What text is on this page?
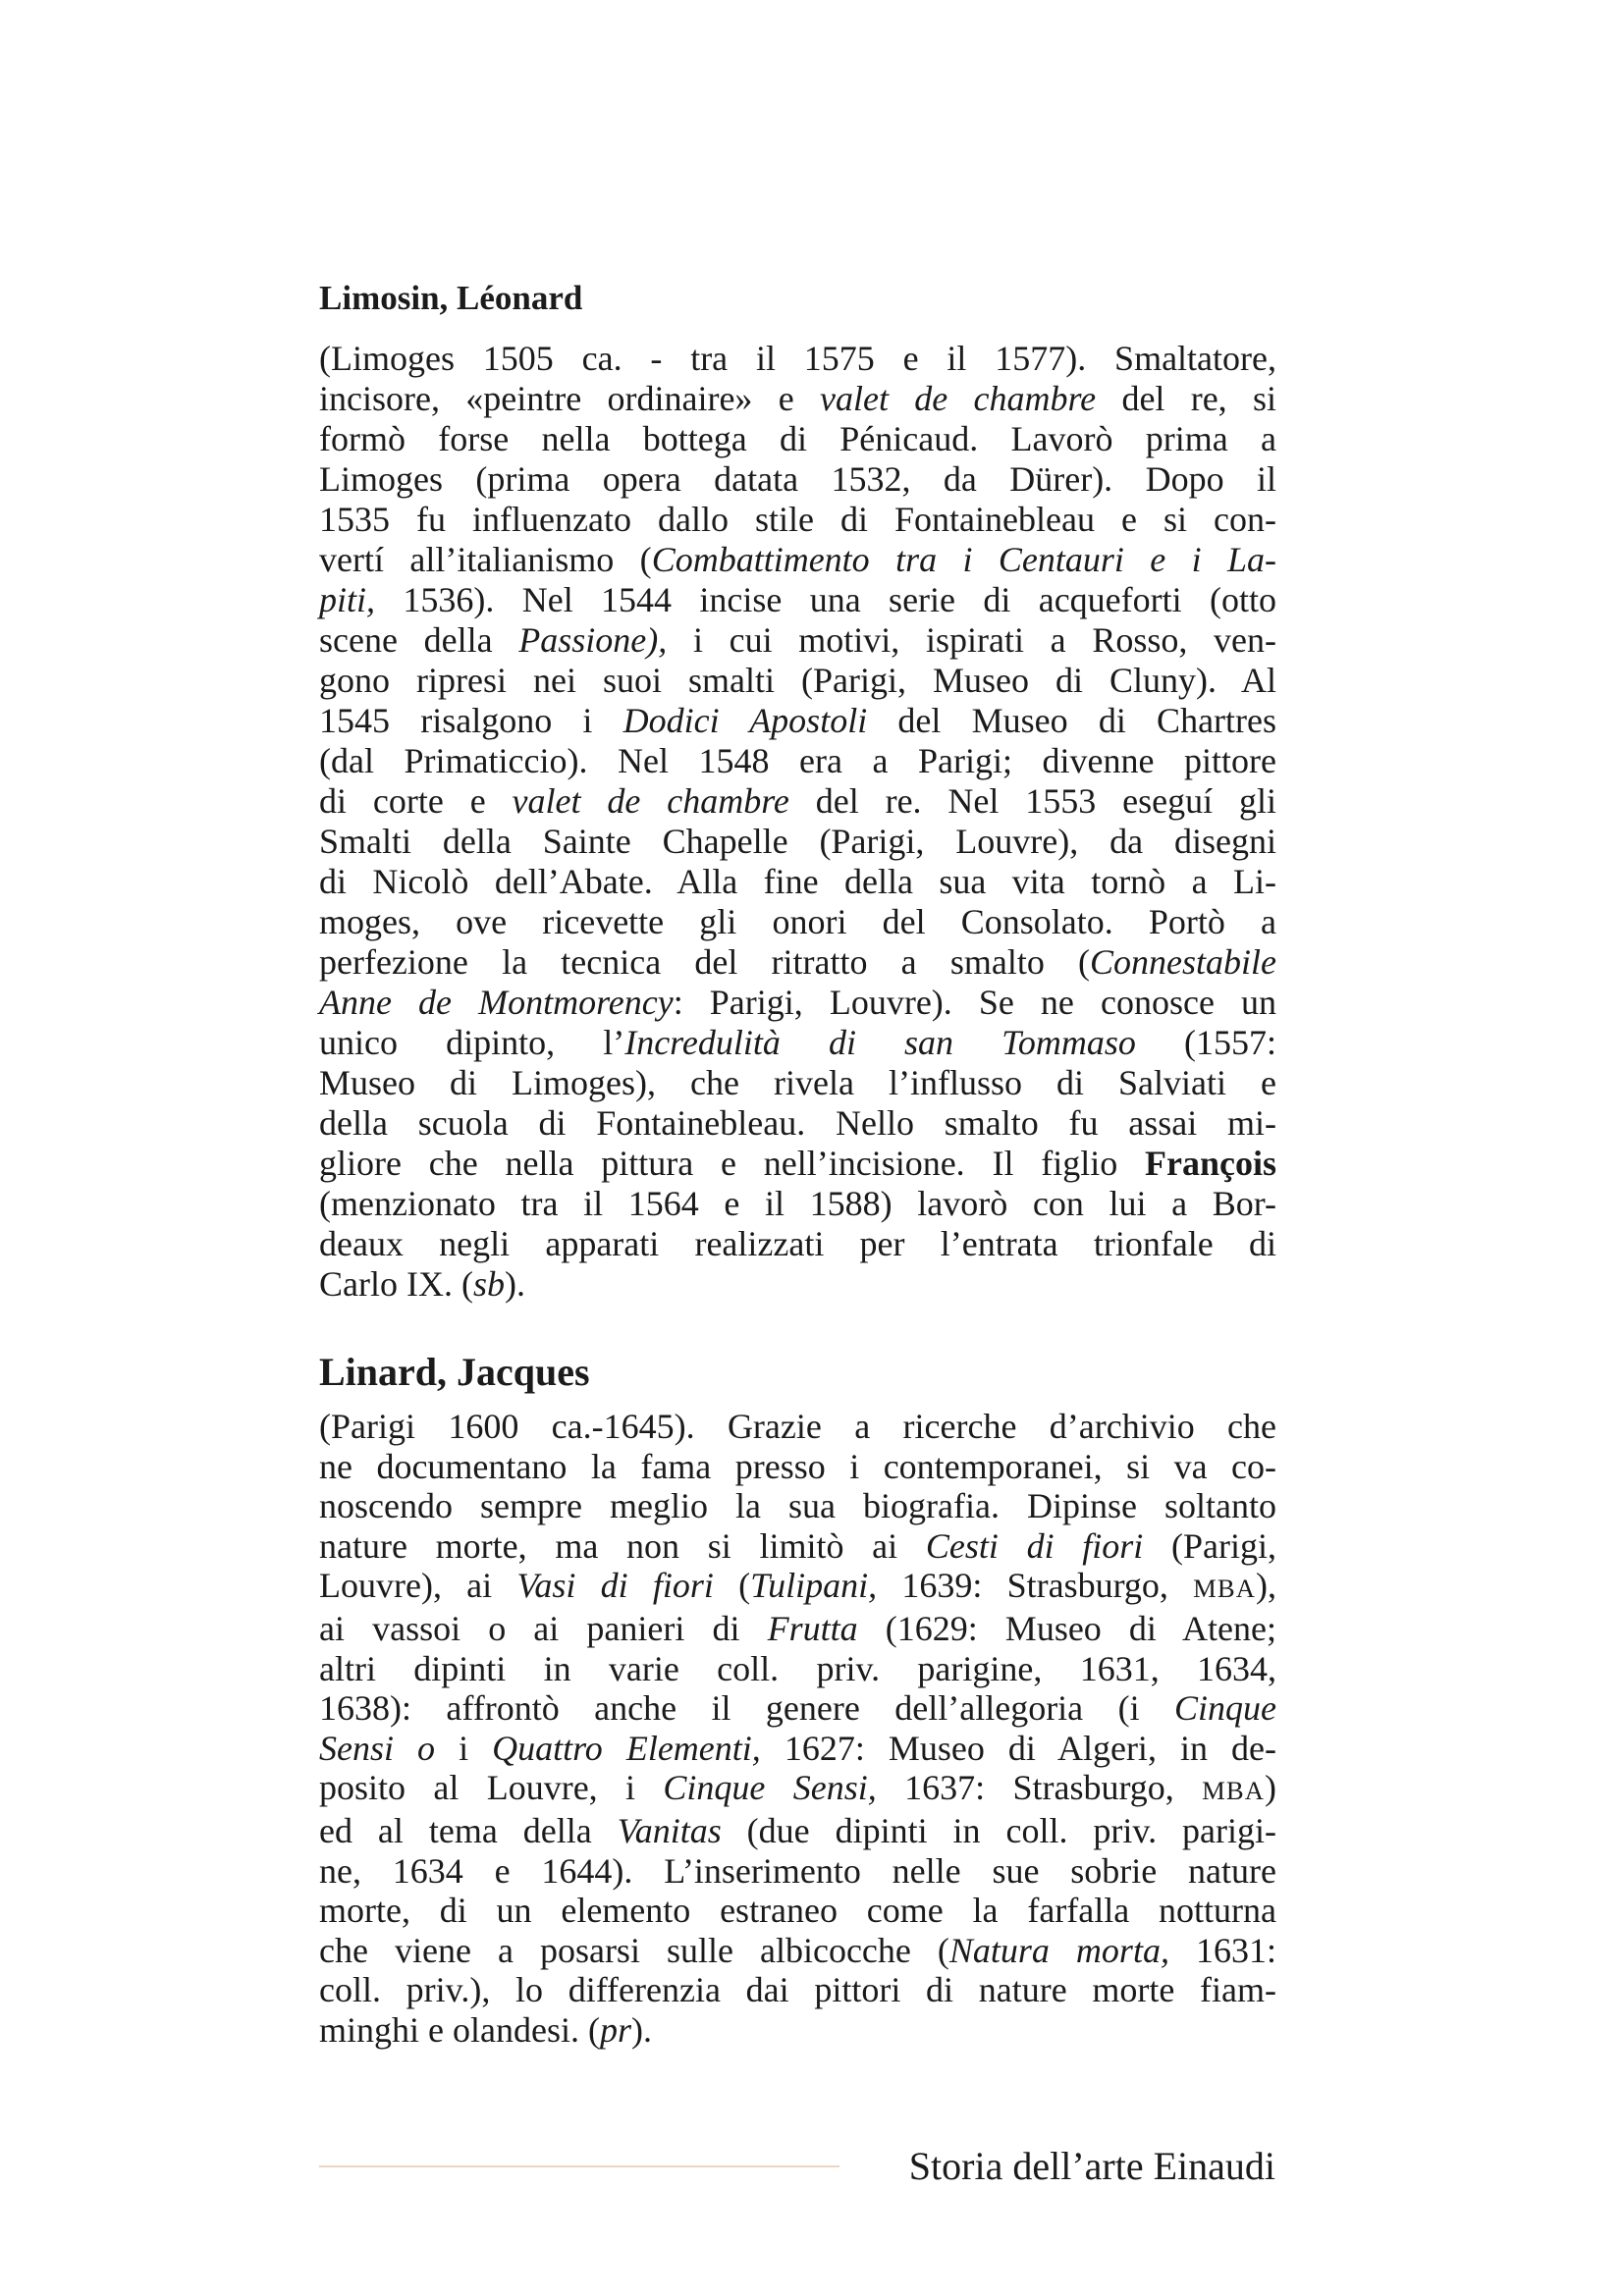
Limosin, Léonard
(Limoges 1505 ca. - tra il 1575 e il 1577). Smaltatore,
incisore, «peintre ordinaire» e valet de chambre del re, si
formò forse nella bottega di Pénicaud. Lavorò prima a
Limoges (prima opera datata 1532, da Dürer). Dopo il
1535 fu influenzato dallo stile di Fontainebleau e si con-
vertí all’italianismo (Combattimento tra i Centauri e i La-
piti, 1536). Nel 1544 incise una serie di acqueforti (otto
scene della Passione), i cui motivi, ispirati a Rosso, ven-
gono ripresi nei suoi smalti (Parigi, Museo di Cluny). Al
1545 risalgono i Dodici Apostoli del Museo di Chartres
(dal Primaticcio). Nel 1548 era a Parigi; divenne pittore
di corte e valet de chambre del re. Nel 1553 eseguí gli
Smalti della Sainte Chapelle (Parigi, Louvre), da disegni
di Nicolò dell’Abate. Alla fine della sua vita tornò a Li-
moges, ove ricevette gli onori del Consolato. Portò a
perfezione la tecnica del ritratto a smalto (Connestabile
Anne de Montmorency: Parigi, Louvre). Se ne conosce un
unico dipinto, l’Incredulità di san Tommaso (1557:
Museo di Limoges), che rivela l’influsso di Salviati e
della scuola di Fontainebleau. Nello smalto fu assai mi-
gliore che nella pittura e nell’incisione. Il figlio François
(menzionato tra il 1564 e il 1588) lavorò con lui a Bor-
deaux negli apparati realizzati per l’entrata trionfale di
Carlo IX. (sb).
Linard, Jacques
(Parigi 1600 ca.-1645). Grazie a ricerche d’archivio che
ne documentano la fama presso i contemporanei, si va co-
noscendo sempre meglio la sua biografia. Dipinse soltanto
nature morte, ma non si limitò ai Cesti di fiori (Parigi,
Louvre), ai Vasi di fiori (Tulipani, 1639: Strasburgo, MBA),
ai vassoi o ai panieri di Frutta (1629: Museo di Atene;
altri dipinti in varie coll. priv. parigine, 1631, 1634,
1638): affrontò anche il genere dell’allegoria (i Cinque
Sensi o i Quattro Elementi, 1627: Museo di Algeri, in de-
posito al Louvre, i Cinque Sensi, 1637: Strasburgo, MBA)
ed al tema della Vanitas (due dipinti in coll. priv. parigi-
ne, 1634 e 1644). L’inserimento nelle sue sobrie nature
morte, di un elemento estraneo come la farfalla notturna
che viene a posarsi sulle albicocche (Natura morta, 1631:
coll. priv.), lo differenzia dai pittori di nature morte fiam-
minghi e olandesi. (pr).
Storia dell’arte Einaudi
